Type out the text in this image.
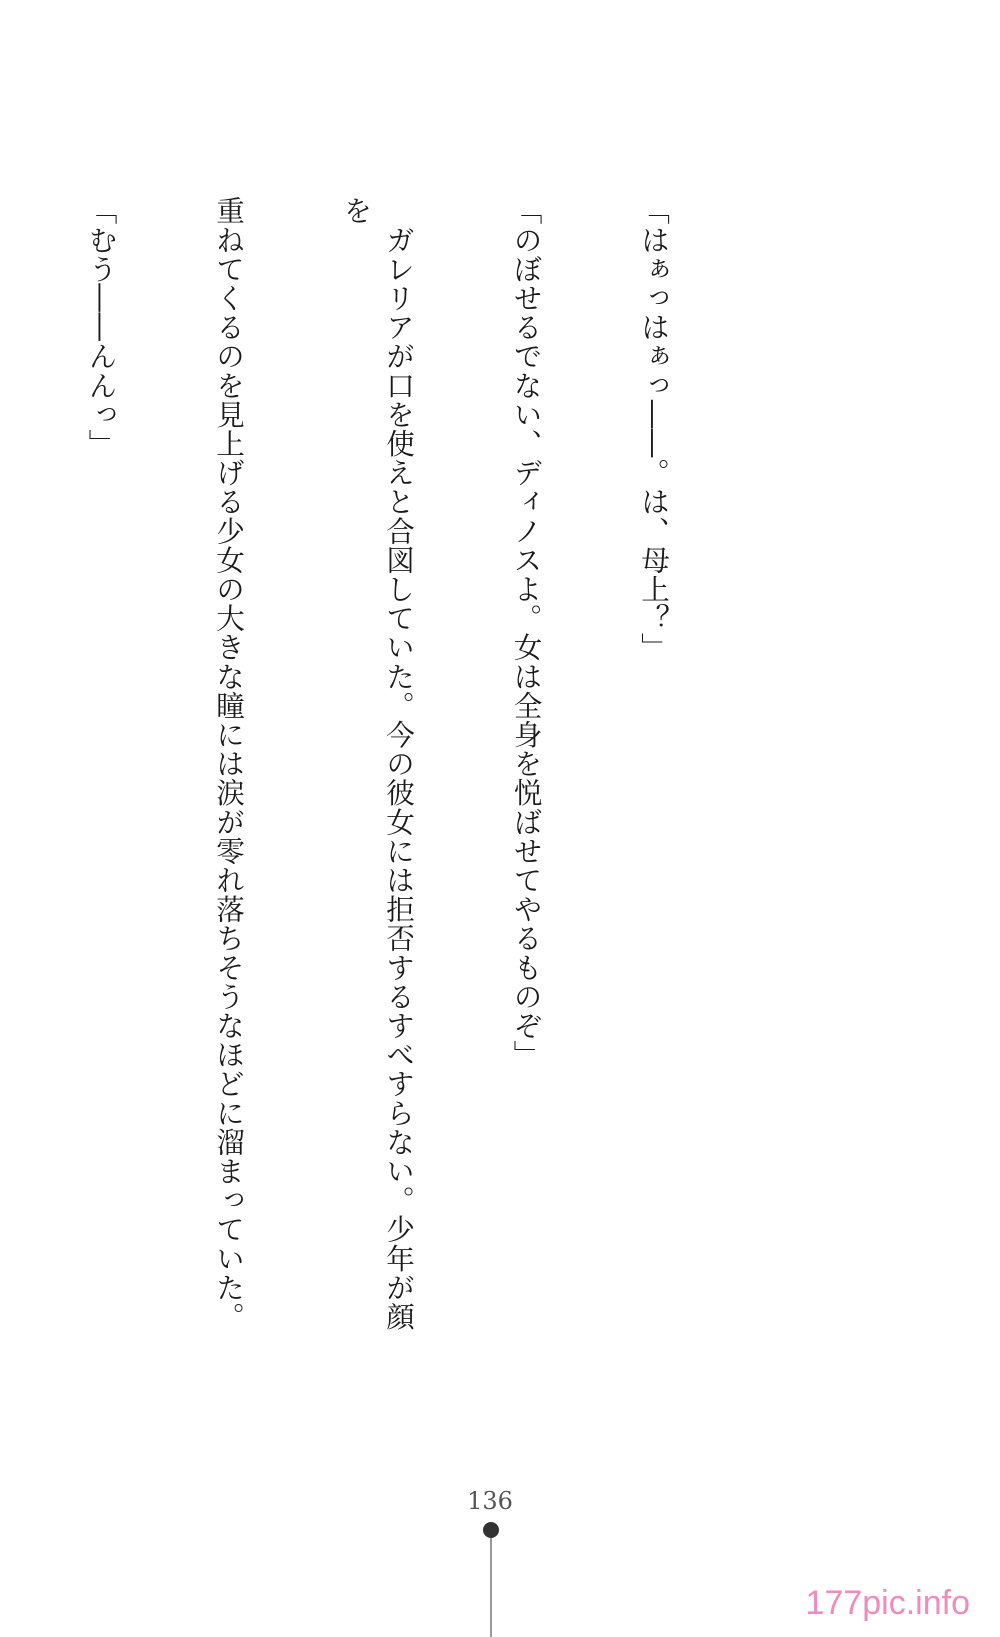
「はぁっはぁっ――。は、母上？」

「のぼせるでない、ディノスよ。女は全身を悦ばせてやるものぞ」

　ガレリアが口を使えと合図していた。今の彼女には拒否するすべすらない。少年が顔を

重ねてくるのを見上げる少女の大きな瞳には涙が零れ落ちそうなほどに溜まっていた。

「むう――んんっ」

136
177pic.info
